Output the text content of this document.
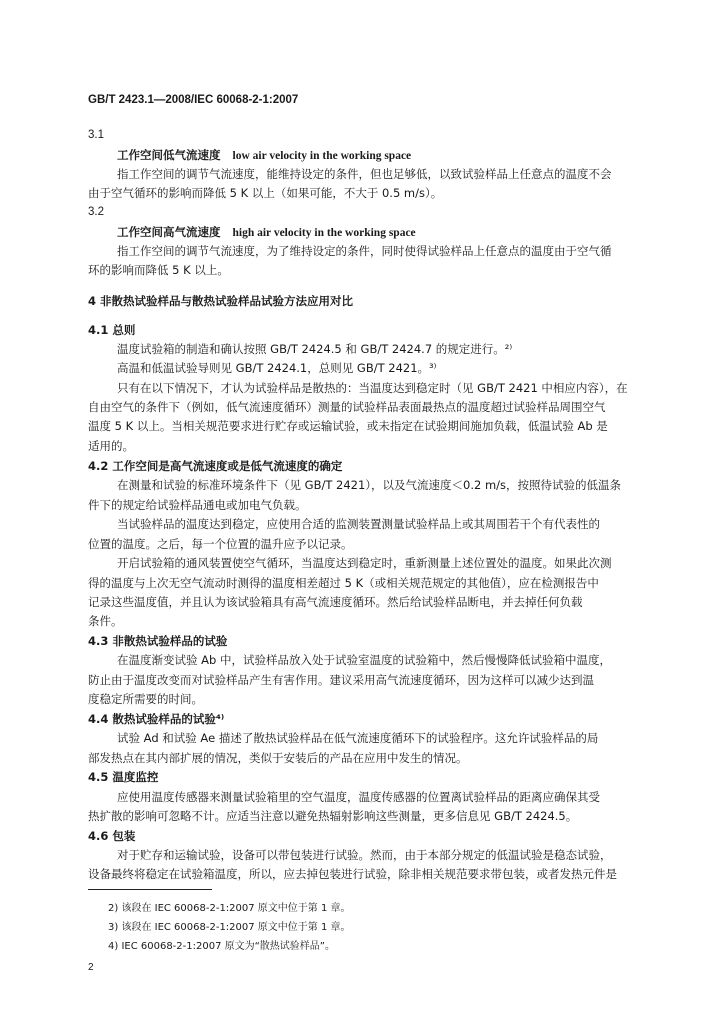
GB/T 2423.1—2008/IEC 60068-2-1:2007
3.1
工作空间低气流速度 low air velocity in the working space
指工作空间的调节气流速度，能维持设定的条件，但也足够低，以致试验样品上任意点的温度不会
由于空气循环的影响而降低 5 K 以上（如果可能，不大于 0.5 m/s）。
3.2
工作空间高气流速度 high air velocity in the working space
指工作空间的调节气流速度，为了维持设定的条件，同时使得试验样品上任意点的温度由于空气循
环的影响而降低 5 K 以上。
4 非散热试验样品与散热试验样品试验方法应用对比
4.1 总则
温度试验箱的制造和确认按照 GB/T 2424.5 和 GB/T 2424.7 的规定进行。²⁾
高温和低温试验导则见 GB/T 2424.1，总则见 GB/T 2421。³⁾
只有在以下情况下，才认为试验样品是散热的：当温度达到稳定时（见 GB/T 2421 中相应内容），在
自由空气的条件下（例如，低气流速度循环）测量的试验样品表面最热点的温度超过试验样品周围空气
温度 5 K 以上。当相关规范要求进行贮存或运输试验，或未指定在试验期间施加负载，低温试验 Ab 是
适用的。
4.2 工作空间是高气流速度或是低气流速度的确定
在测量和试验的标准环境条件下（见 GB/T 2421），以及气流速度＜0.2 m/s，按照待试验的低温条
件下的规定给试验样品通电或加电气负载。
当试验样品的温度达到稳定，应使用合适的监测装置测量试验样品上或其周围若干个有代表性的
位置的温度。之后，每一个位置的温升应予以记录。
开启试验箱的通风装置使空气循环，当温度达到稳定时，重新测量上述位置处的温度。如果此次测
得的温度与上次无空气流动时测得的温度相差超过 5 K（或相关规范规定的其他值），应在检测报告中
记录这些温度值，并且认为该试验箱具有高气流速度循环。然后给试验样品断电，并去掉任何负载
条件。
4.3 非散热试验样品的试验
在温度渐变试验 Ab 中，试验样品放入处于试验室温度的试验箱中，然后慢慢降低试验箱中温度，
防止由于温度改变而对试验样品产生有害作用。建议采用高气流速度循环，因为这样可以减少达到温
度稳定所需要的时间。
4.4 散热试验样品的试验⁴⁾
试验 Ad 和试验 Ae 描述了散热试验样品在低气流速度循环下的试验程序。这允许试验样品的局
部发热点在其内部扩展的情况，类似于安装后的产品在应用中发生的情况。
4.5 温度监控
应使用温度传感器来测量试验箱里的空气温度，温度传感器的位置离试验样品的距离应确保其受
热扩散的影响可忽略不计。应适当注意以避免热辐射影响这些测量，更多信息见 GB/T 2424.5。
4.6 包装
对于贮存和运输试验，设备可以带包装进行试验。然而，由于本部分规定的低温试验是稳态试验，
设备最终将稳定在试验箱温度，所以，应去掉包装进行试验，除非相关规范要求带包装，或者发热元件是
2) 该段在 IEC 60068-2-1:2007 原文中位于第 1 章。
3) 该段在 IEC 60068-2-1:2007 原文中位于第 1 章。
4) IEC 60068-2-1:2007 原文为“散热试验样品”。
2
